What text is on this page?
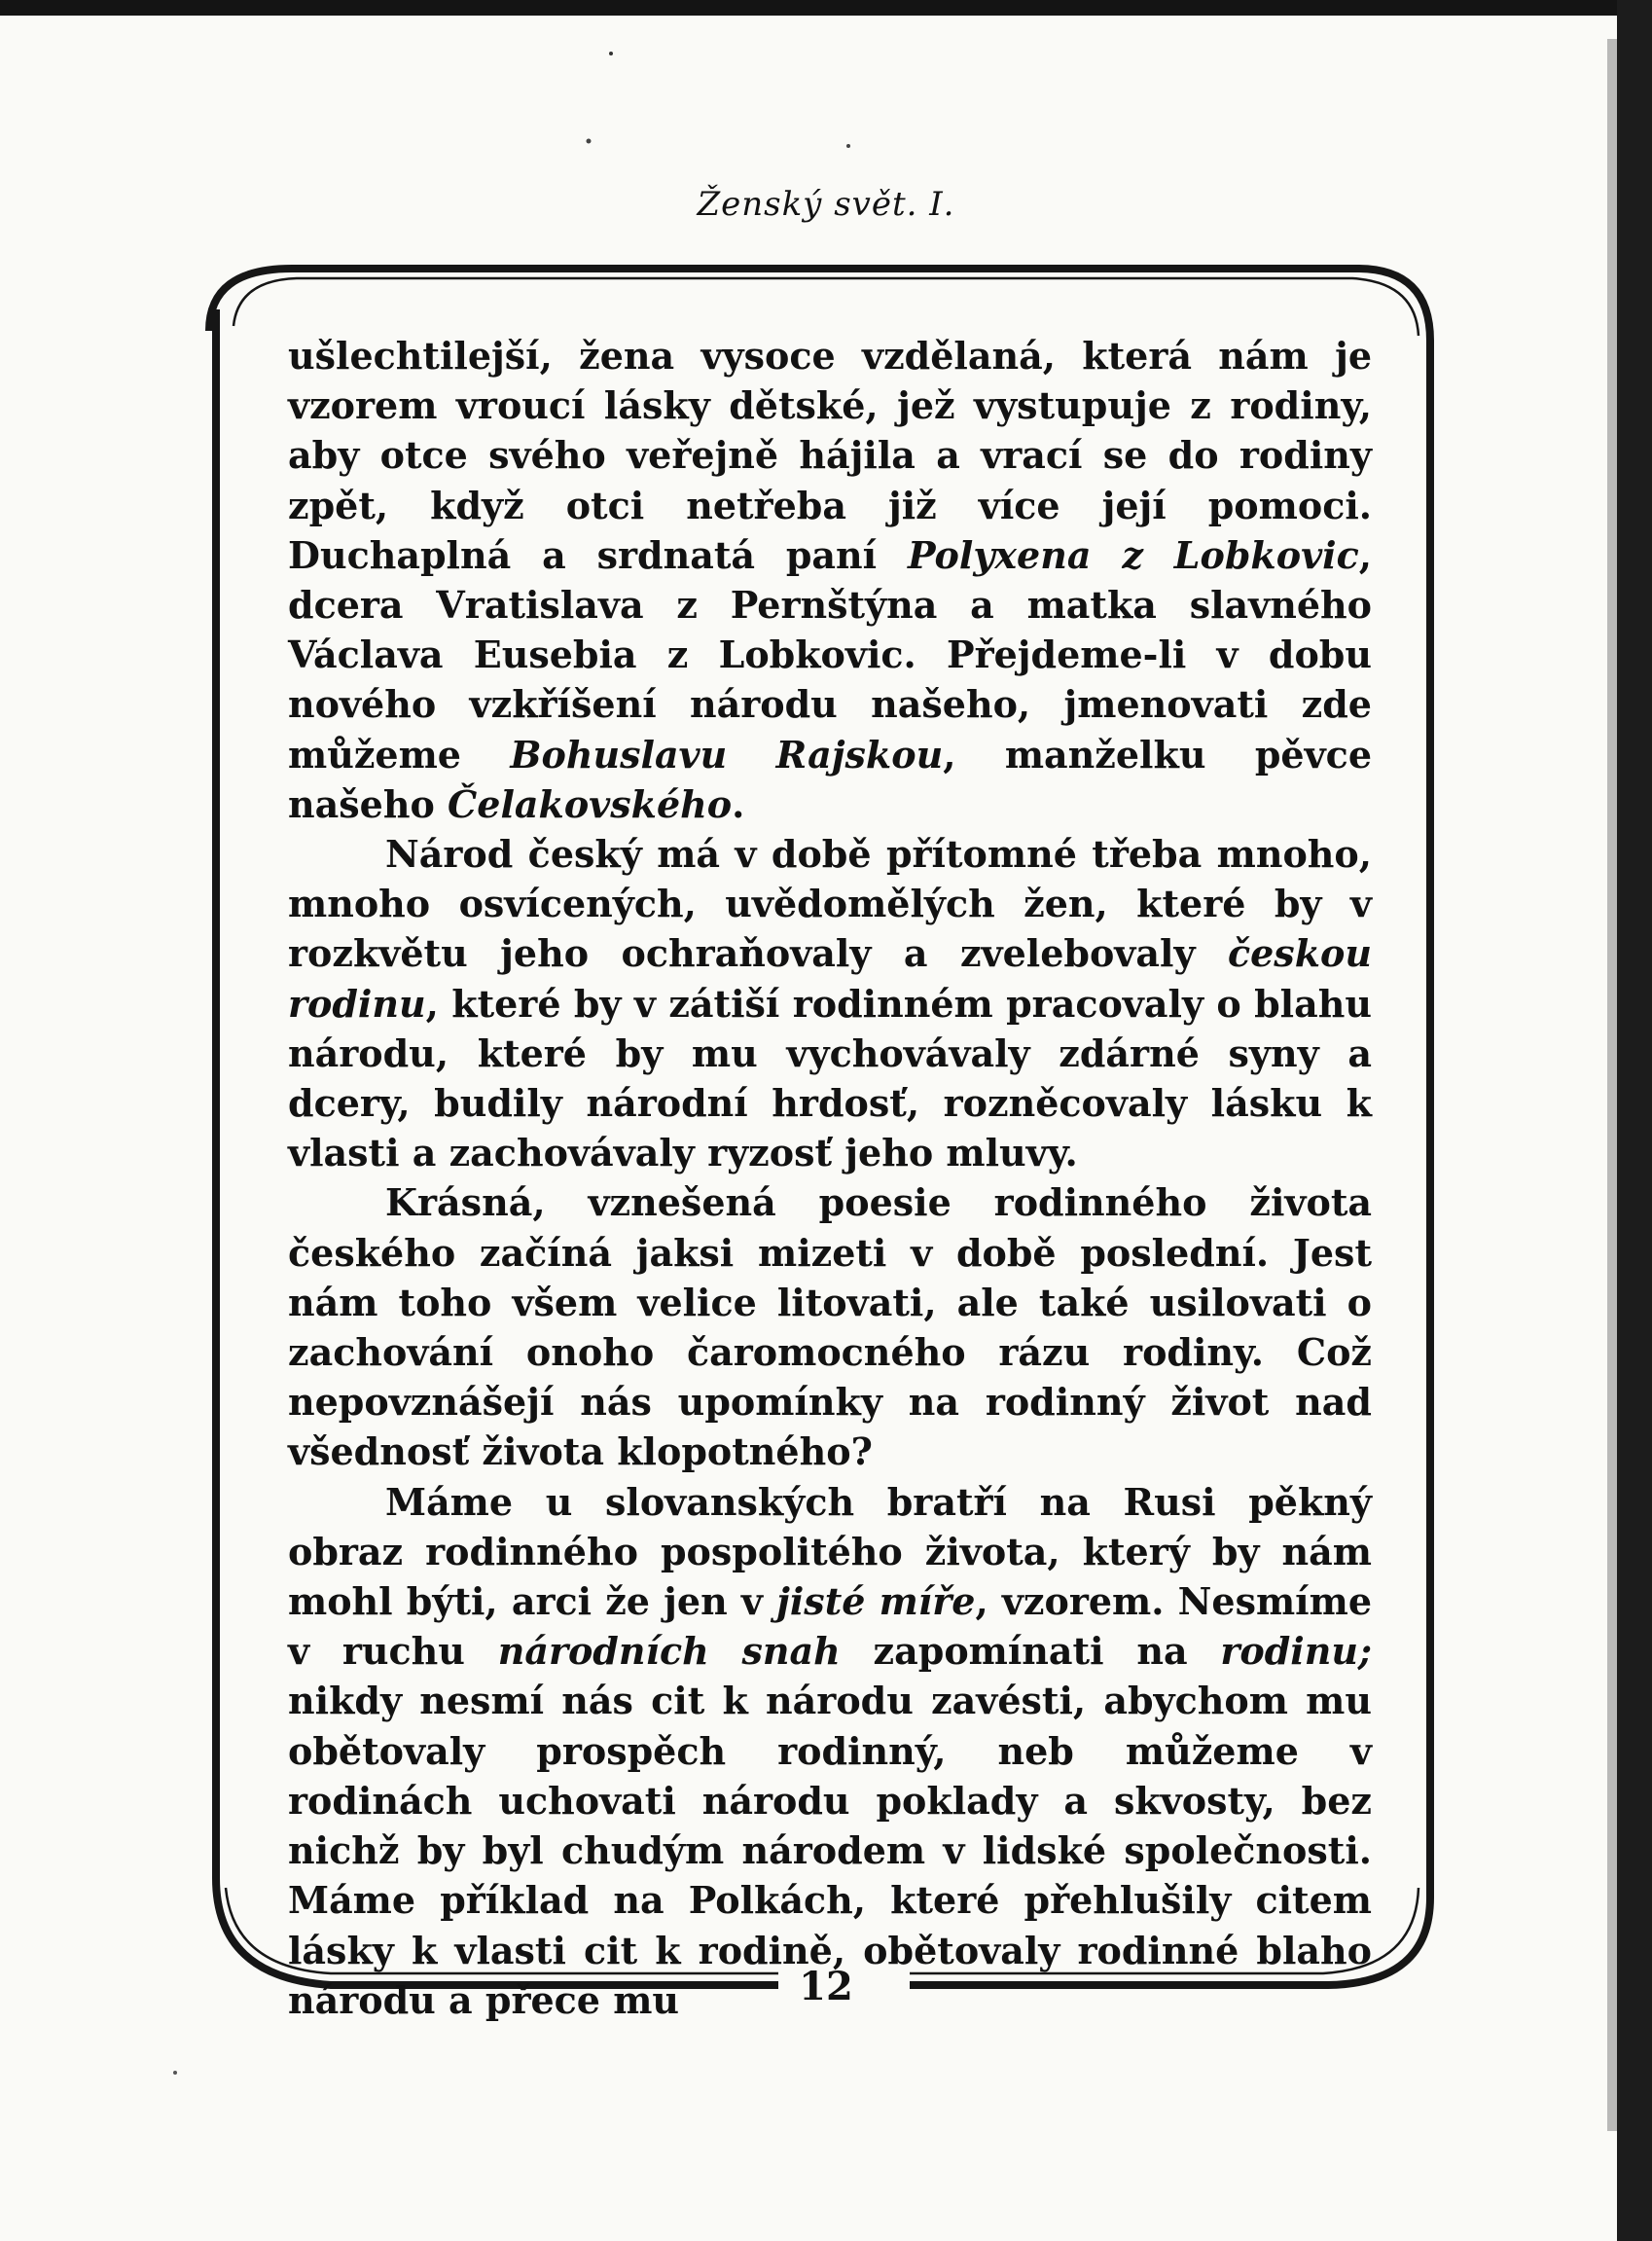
Ženský svět. I.

ušlechtilejší, žena vysoce vzdělaná, která nám je vzorem vroucí lásky dětské, jež vystupuje z rodiny, aby otce svého veřejně hájila a vrací se do rodiny zpět, když otci netřeba již více její pomoci. Duchaplná a srdnatá paní Polyxena z Lobkovic, dcera Vratislava z Pernštýna a matka slavného Václava Eusebia z Lobkovic. Přejdeme-li v dobu nového vzkříšení národu našeho, jmenovati zde můžeme Bohuslavu Rajskou, manželku pěvce našeho Čelakovského.

Národ český má v době přítomné třeba mnoho, mnoho osvícených, uvědomělých žen, které by v rozkvětu jeho ochraňovaly a zvelebovaly českou rodinu, které by v zátiší rodinném pracovaly o blahu národu, které by mu vychovávaly zdárné syny a dcery, budily národní hrdosť, rozněcovaly lásku k vlasti a zachovávaly ryzosť jeho mluvy.

Krásná, vznešená poesie rodinného života českého začíná jaksi mizeti v době poslední. Jest nám toho všem velice litovati, ale také usilovati o zachování onoho čaromocného rázu rodiny. Což nepovznášejí nás upomínky na rodinný život nad všednosť života klopotného?

Máme u slovanských bratří na Rusi pěkný obraz rodinného pospolitého života, který by nám mohl býti, arci že jen v jisté míře, vzorem. Nesmíme v ruchu národních snah zapomínati na rodinu; nikdy nesmí nás cit k národu zavésti, abychom mu obětovaly prospěch rodinný, neb můžeme v rodinách uchovati národu poklady a skvosty, bez nichž by byl chudým národem v lidské společnosti. Máme příklad na Polkách, které přehlušily citem lásky k vlasti cit k rodině, obětovaly rodinné blaho národu a přece mu	12
